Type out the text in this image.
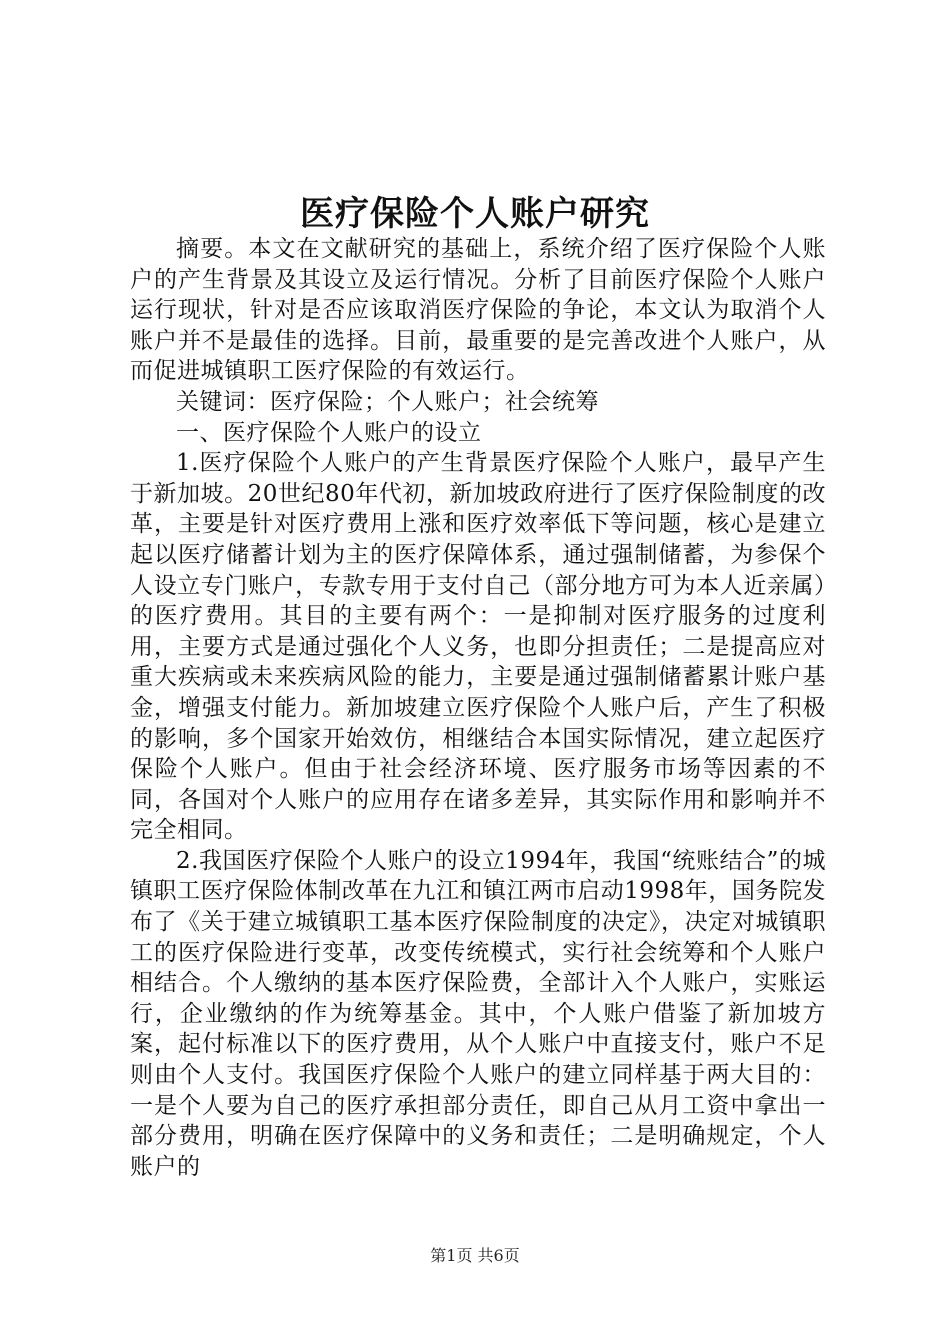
医疗保险个人账户研究

摘要。本文在文献研究的基础上，系统介绍了医疗保险个人账户的产生背景及其设立及运行情况。分析了目前医疗保险个人账户运行现状，针对是否应该取消医疗保险的争论，本文认为取消个人账户并不是最佳的选择。目前，最重要的是完善改进个人账户，从而促进城镇职工医疗保险的有效运行。

关键词：医疗保险；个人账户；社会统筹

一、医疗保险个人账户的设立

1.医疗保险个人账户的产生背景医疗保险个人账户，最早产生于新加坡。20世纪80年代初，新加坡政府进行了医疗保险制度的改革，主要是针对医疗费用上涨和医疗效率低下等问题，核心是建立起以医疗储蓄计划为主的医疗保障体系，通过强制储蓄，为参保个人设立专门账户，专款专用于支付自己（部分地方可为本人近亲属）的医疗费用。其目的主要有两个：一是抑制对医疗服务的过度利用，主要方式是通过强化个人义务，也即分担责任；二是提高应对重大疾病或未来疾病风险的能力，主要是通过强制储蓄累计账户基金，增强支付能力。新加坡建立医疗保险个人账户后，产生了积极的影响，多个国家开始效仿，相继结合本国实际情况，建立起医疗保险个人账户。但由于社会经济环境、医疗服务市场等因素的不同，各国对个人账户的应用存在诸多差异，其实际作用和影响并不完全相同。

2.我国医疗保险个人账户的设立1994年，我国“统账结合”的城镇职工医疗保险体制改革在九江和镇江两市启动1998年，国务院发布了《关于建立城镇职工基本医疗保险制度的决定》，决定对城镇职工的医疗保险进行变革，改变传统模式，实行社会统筹和个人账户相结合。个人缴纳的基本医疗保险费，全部计入个人账户，实账运行，企业缴纳的作为统筹基金。其中，个人账户借鉴了新加坡方案，起付标准以下的医疗费用，从个人账户中直接支付，账户不足则由个人支付。我国医疗保险个人账户的建立同样基于两大目的：一是个人要为自己的医疗承担部分责任，即自己从月工资中拿出一部分费用，明确在医疗保障中的义务和责任；二是明确规定，个人账户的

第1页 共6页
